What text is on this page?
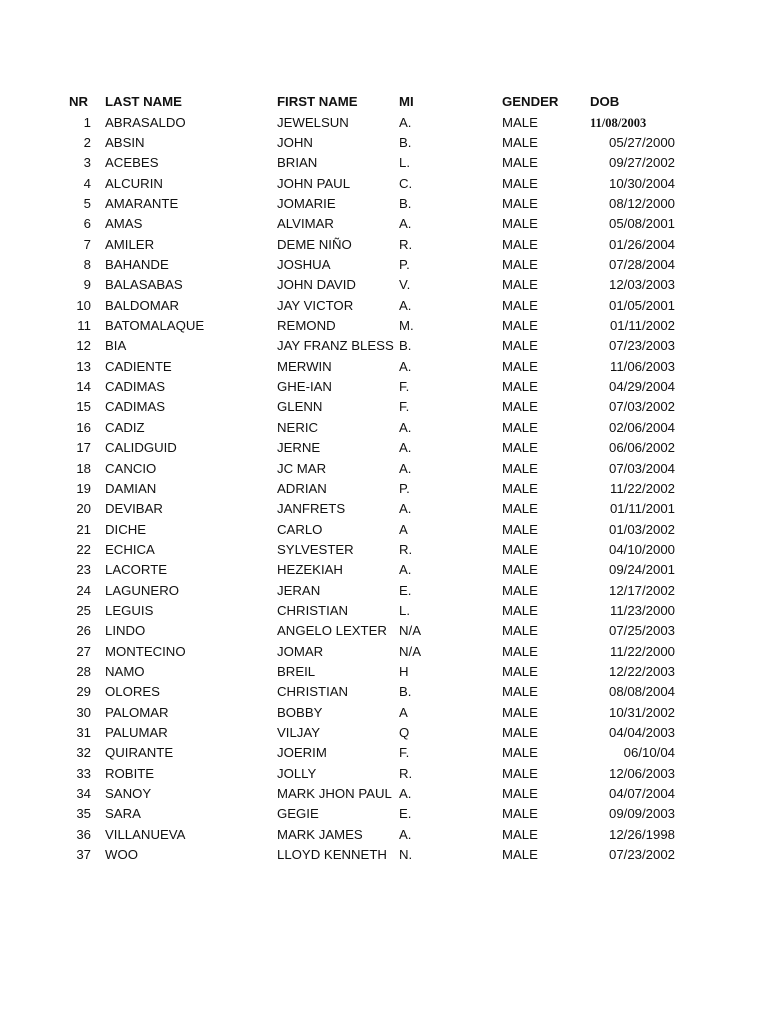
NR LAST NAME	FIRST NAME	MI	GENDER DOB
1 ABRASALDO	JEWELSUN	A.	MALE	11/08/2003
2 ABSIN	JOHN	B.	MALE	05/27/2000
3 ACEBES	BRIAN	L.	MALE	09/27/2002
4 ALCURIN	JOHN PAUL	C.	MALE	10/30/2004
5 AMARANTE	JOMARIE	B.	MALE	08/12/2000
6 AMAS	ALVIMAR	A.	MALE	05/08/2001
7 AMILER	DEME NIÑO	R.	MALE	01/26/2004
8 BAHANDE	JOSHUA	P.	MALE	07/28/2004
9 BALASABAS	JOHN DAVID	V.	MALE	12/03/2003
10 BALDOMAR	JAY VICTOR	A.	MALE	01/05/2001
11 BATOMALAQUE	REMOND	M.	MALE	01/11/2002
12 BIA	JAY FRANZ BLESS B.	MALE	07/23/2003
13 CADIENTE	MERWIN	A.	MALE	11/06/2003
14 CADIMAS	GHE-IAN	F.	MALE	04/29/2004
15 CADIMAS	GLENN	F.	MALE	07/03/2002
16 CADIZ	NERIC	A.	MALE	02/06/2004
17 CALIDGUID	JERNE	A.	MALE	06/06/2002
18 CANCIO	JC MAR	A.	MALE	07/03/2004
19 DAMIAN	ADRIAN	P.	MALE	11/22/2002
20 DEVIBAR	JANFRETS	A.	MALE	01/11/2001
21 DICHE	CARLO	A	MALE	01/03/2002
22 ECHICA	SYLVESTER	R.	MALE	04/10/2000
23 LACORTE	HEZEKIAH	A.	MALE	09/24/2001
24 LAGUNERO	JERAN	E.	MALE	12/17/2002
25 LEGUIS	CHRISTIAN	L.	MALE	11/23/2000
26 LINDO	ANGELO LEXTER N/A	MALE	07/25/2003
27 MONTECINO	JOMAR	N/A	MALE	11/22/2000
28 NAMO	BREIL	H	MALE	12/22/2003
29 OLORES	CHRISTIAN	B.	MALE	08/08/2004
30 PALOMAR	BOBBY	A	MALE	10/31/2002
31 PALUMAR	VILJAY	Q	MALE	04/04/2003
32 QUIRANTE	JOERIM	F.	MALE	06/10/04
33 ROBITE	JOLLY	R.	MALE	12/06/2003
34 SANOY	MARK JHON PAUL A.	MALE	04/07/2004
35 SARA	GEGIE	E.	MALE	09/09/2003
36 VILLANUEVA	MARK JAMES	A.	MALE	12/26/1998
37 WOO	LLOYD KENNETH N.	MALE	07/23/2002
